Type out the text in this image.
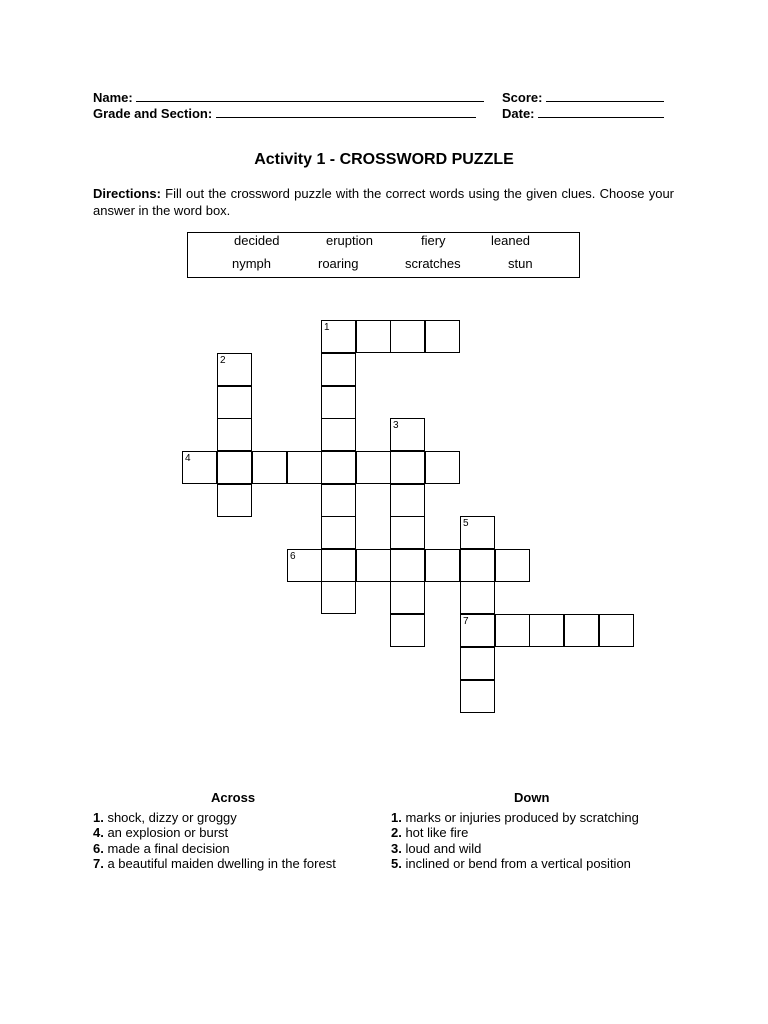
Name:	Score:
Grade and Section:	Date:
Activity 1 - CROSSWORD PUZZLE
Directions: Fill out the crossword puzzle with the correct words using the given clues. Choose your answer in the word box.
decided	eruption	fiery	leaned
nymph	roaring	scratches	stun
1
2
3
4
5
6
7
Across	Down
1. shock, dizzy or groggy
4. an explosion or burst
6. made a final decision
7. a beautiful maiden dwelling in the forest
1. marks or injuries produced by scratching
2. hot like fire
3. loud and wild
5. inclined or bend from a vertical position
